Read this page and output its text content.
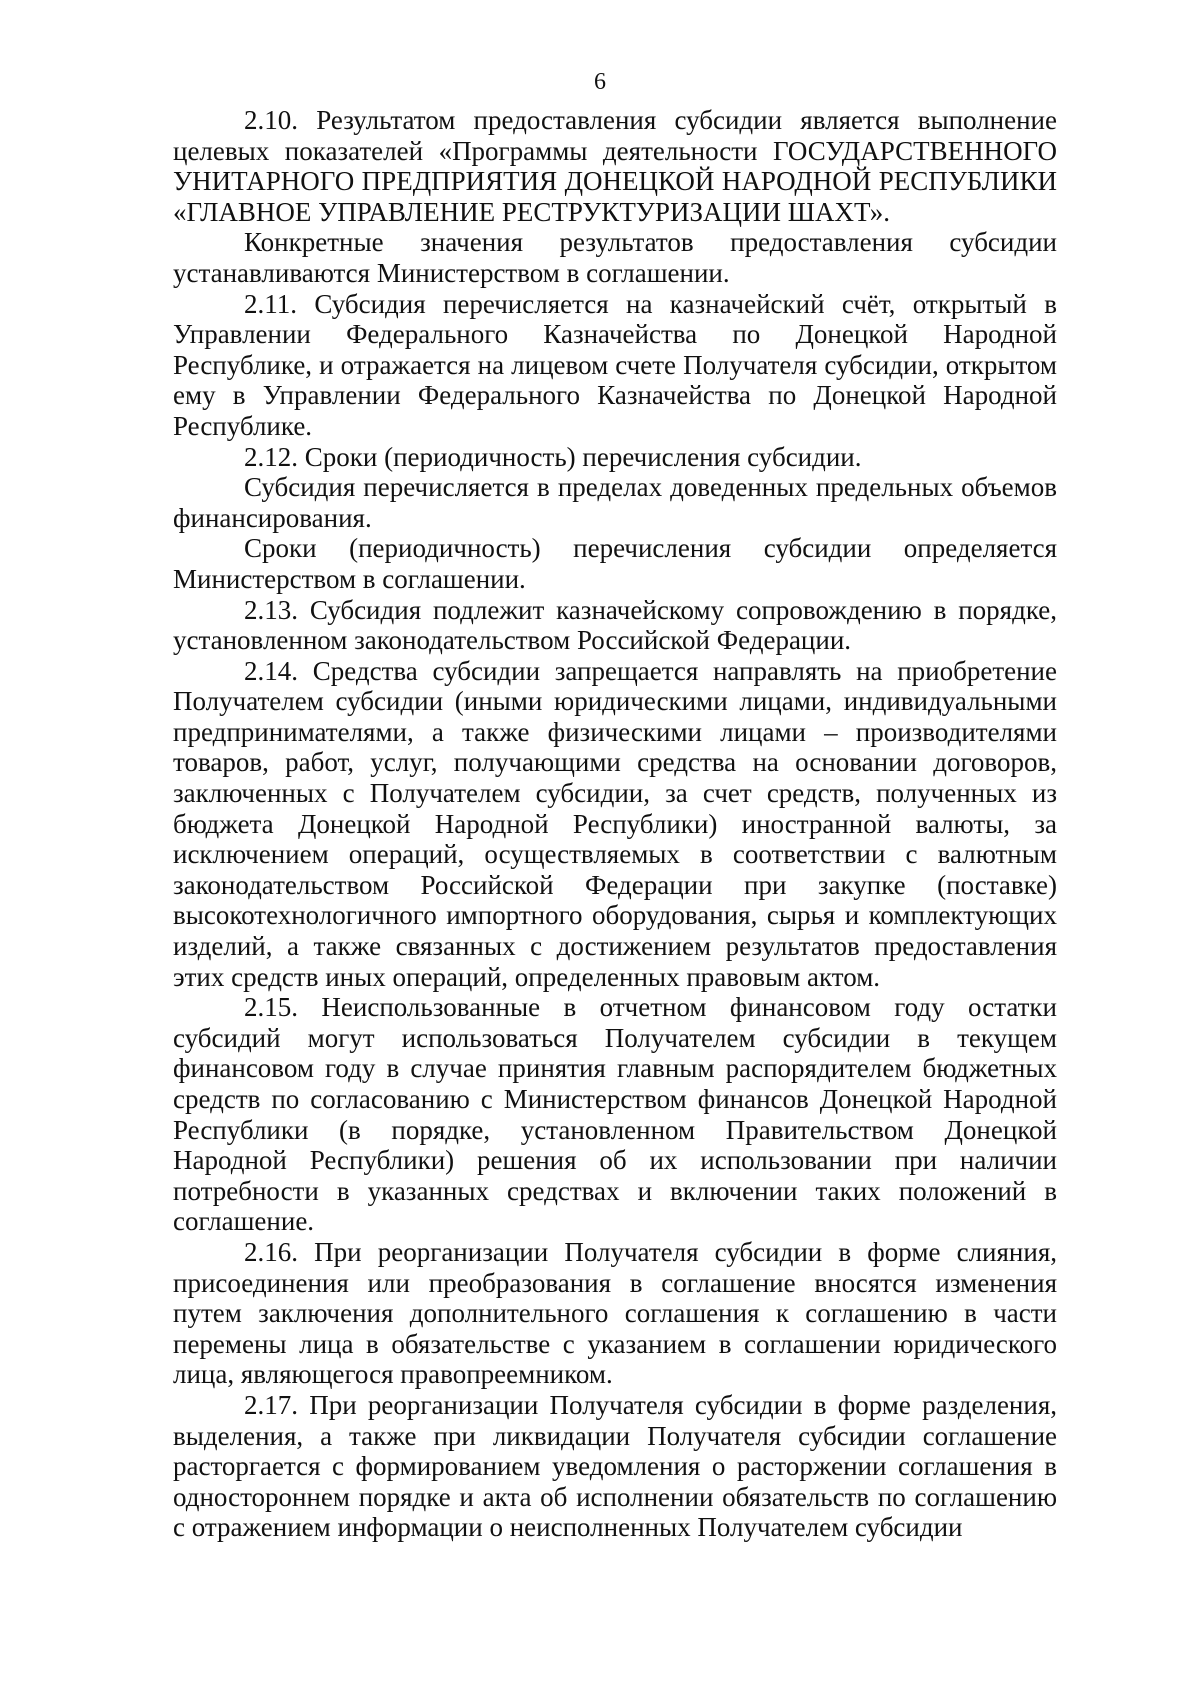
6

2.10. Результатом предоставления субсидии является выполнение целевых показателей «Программы деятельности ГОСУДАРСТВЕННОГО УНИТАРНОГО ПРЕДПРИЯТИЯ ДОНЕЦКОЙ НАРОДНОЙ РЕСПУБЛИКИ «ГЛАВНОЕ УПРАВЛЕНИЕ РЕСТРУКТУРИЗАЦИИ ШАХТ».

Конкретные значения результатов предоставления субсидии устанавливаются Министерством в соглашении.

2.11. Субсидия перечисляется на казначейский счёт, открытый в Управлении Федерального Казначейства по Донецкой Народной Республике, и отражается на лицевом счете Получателя субсидии, открытом ему в Управлении Федерального Казначейства по Донецкой Народной Республике.

2.12. Сроки (периодичность) перечисления субсидии.

Субсидия перечисляется в пределах доведенных предельных объемов финансирования.

Сроки (периодичность) перечисления субсидии определяется Министерством в соглашении.

2.13. Субсидия подлежит казначейскому сопровождению в порядке, установленном законодательством Российской Федерации.

2.14. Средства субсидии запрещается направлять на приобретение Получателем субсидии (иными юридическими лицами, индивидуальными предпринимателями, а также физическими лицами – производителями товаров, работ, услуг, получающими средства на основании договоров, заключенных с Получателем субсидии, за счет средств, полученных из бюджета Донецкой Народной Республики) иностранной валюты, за исключением операций, осуществляемых в соответствии с валютным законодательством Российской Федерации при закупке (поставке) высокотехнологичного импортного оборудования, сырья и комплектующих изделий, а также связанных с достижением результатов предоставления этих средств иных операций, определенных правовым актом.

2.15. Неиспользованные в отчетном финансовом году остатки субсидий могут использоваться Получателем субсидии в текущем финансовом году в случае принятия главным распорядителем бюджетных средств по согласованию с Министерством финансов Донецкой Народной Республики (в порядке, установленном Правительством Донецкой Народной Республики) решения об их использовании при наличии потребности в указанных средствах и включении таких положений в соглашение.

2.16. При реорганизации Получателя субсидии в форме слияния, присоединения или преобразования в соглашение вносятся изменения путем заключения дополнительного соглашения к соглашению в части перемены лица в обязательстве с указанием в соглашении юридического лица, являющегося правопреемником.

2.17. При реорганизации Получателя субсидии в форме разделения, выделения, а также при ликвидации Получателя субсидии соглашение расторгается с формированием уведомления о расторжении соглашения в одностороннем порядке и акта об исполнении обязательств по соглашению с отражением информации о неисполненных Получателем субсидии
